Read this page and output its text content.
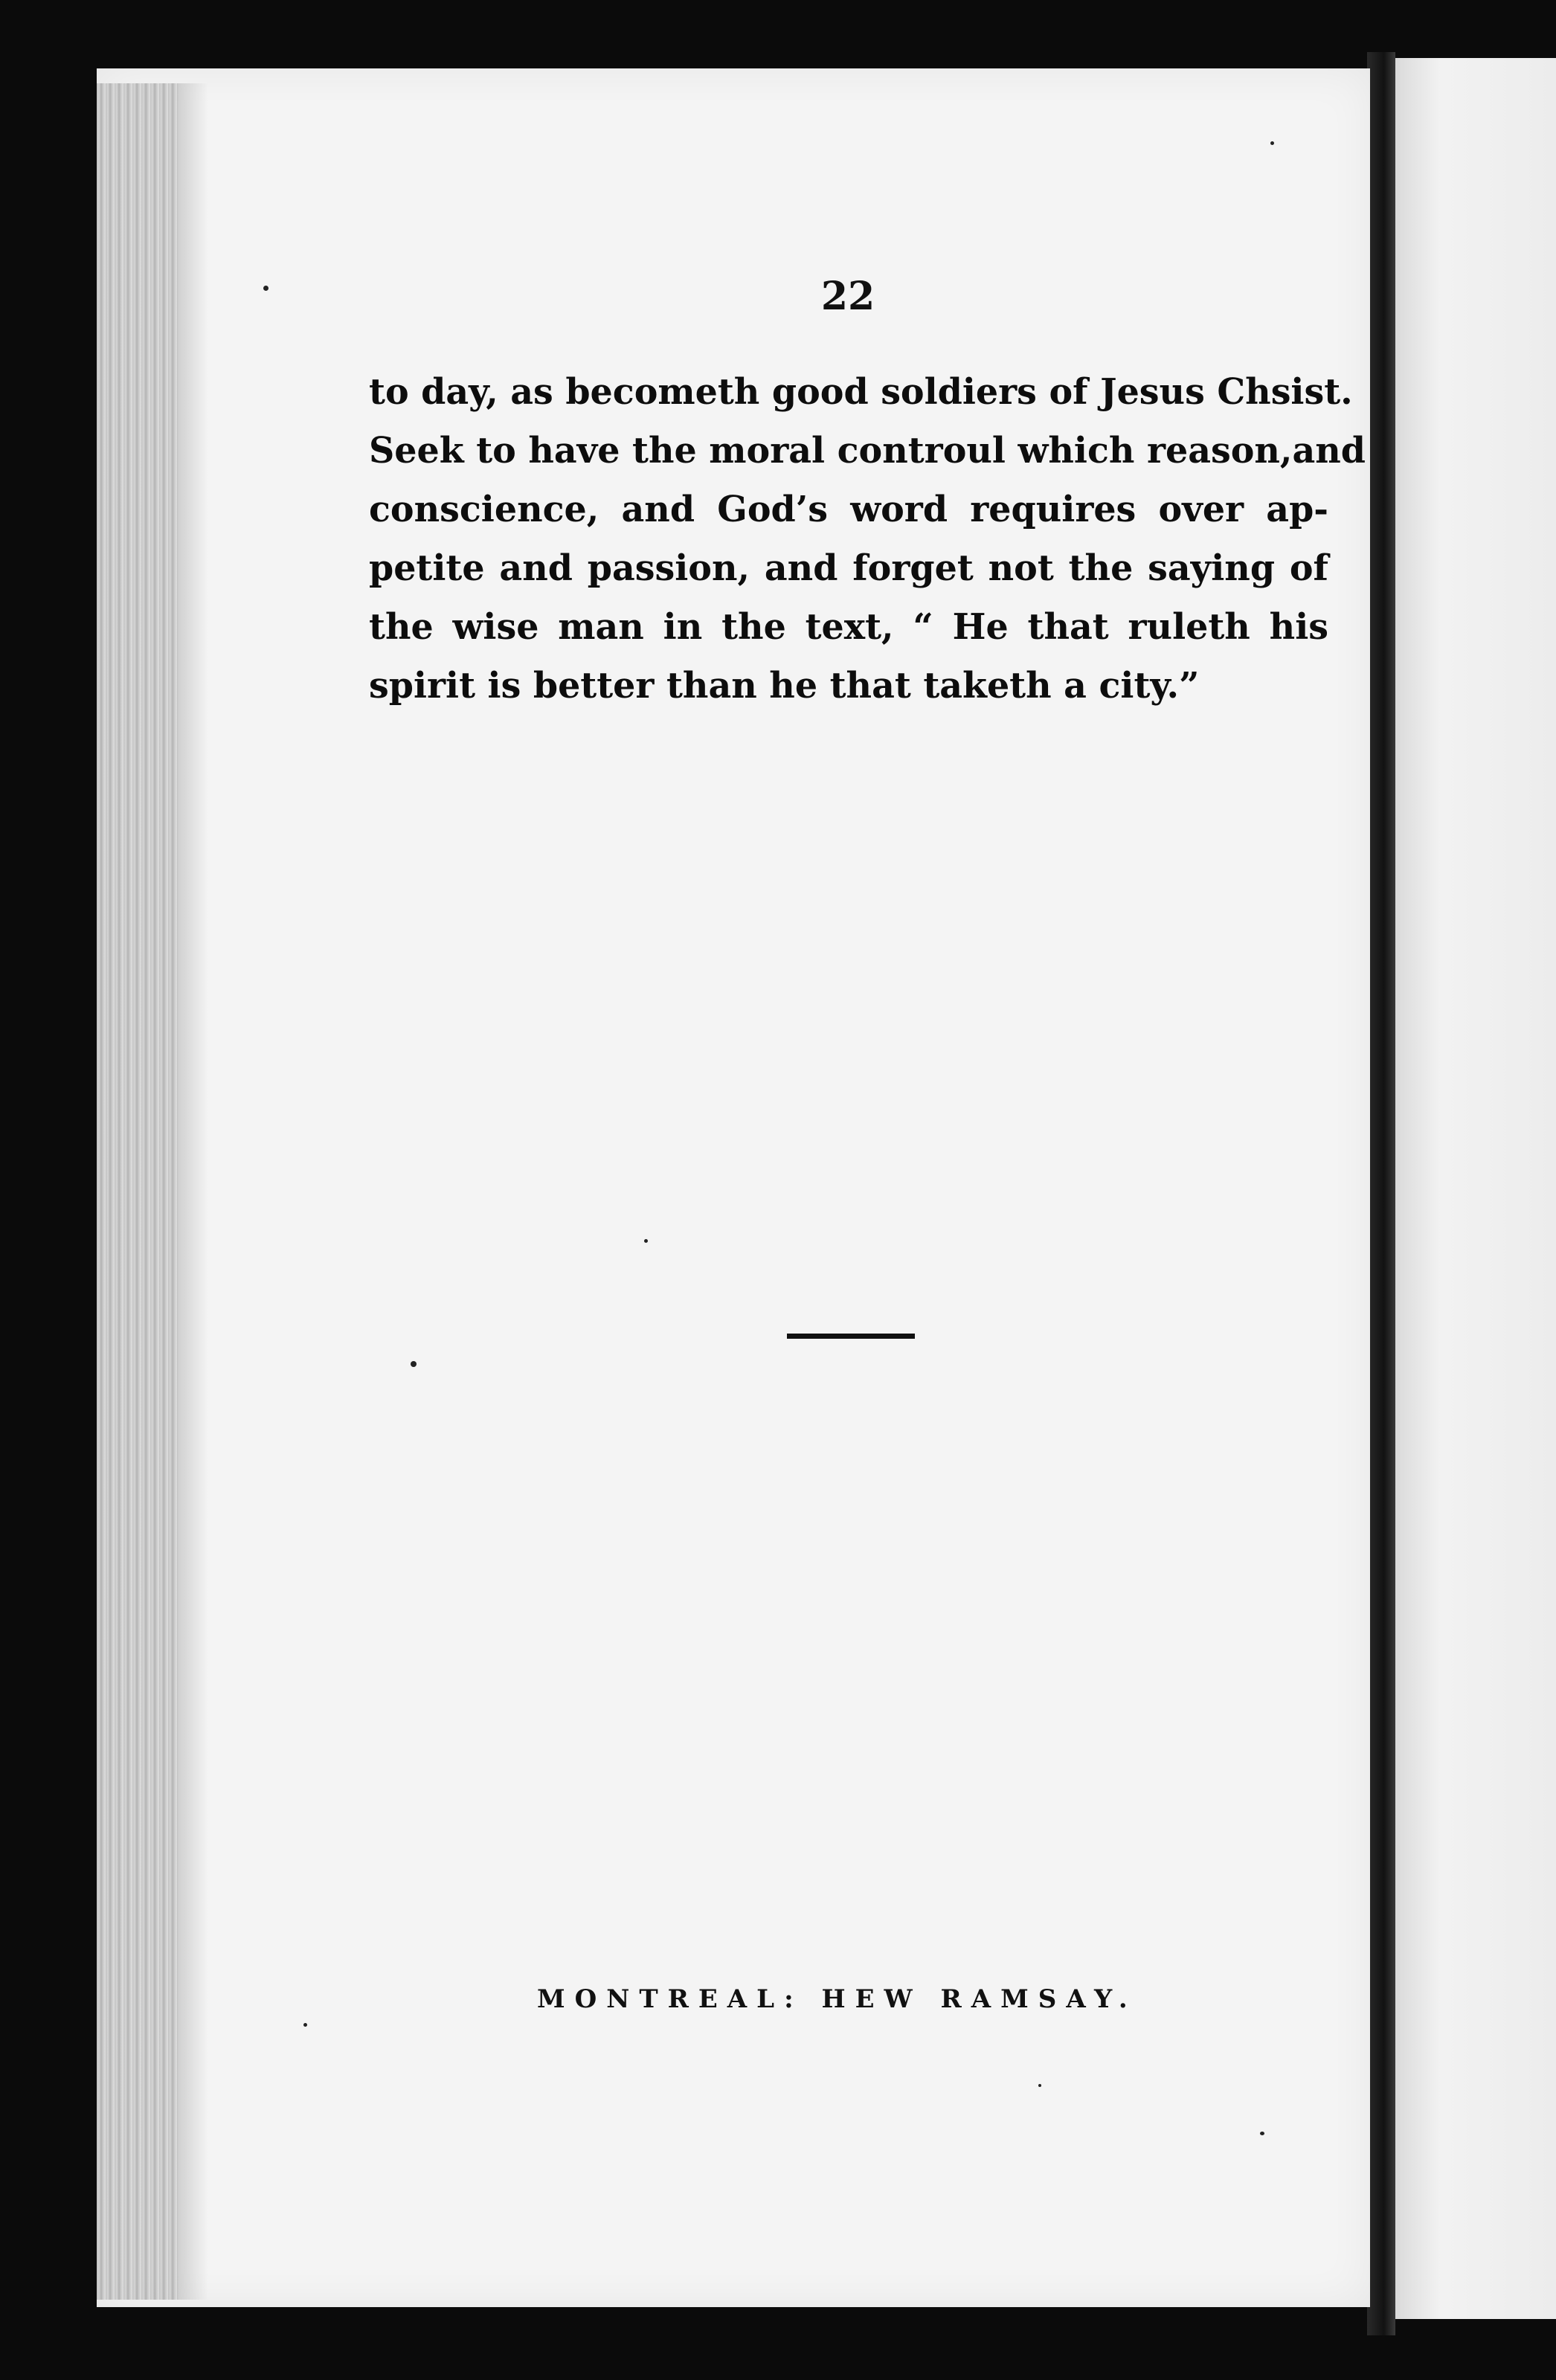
22
to day, as becometh good soldiers of Jesus Chsist.
Seek to have the moral controul which reason,and
conscience, and God’s word requires over ap-
petite and passion, and forget not the saying of
the wise man in the text, “ He that ruleth his
spirit is better than he that taketh a city.”
MONTREAL: HEW RAMSAY.
